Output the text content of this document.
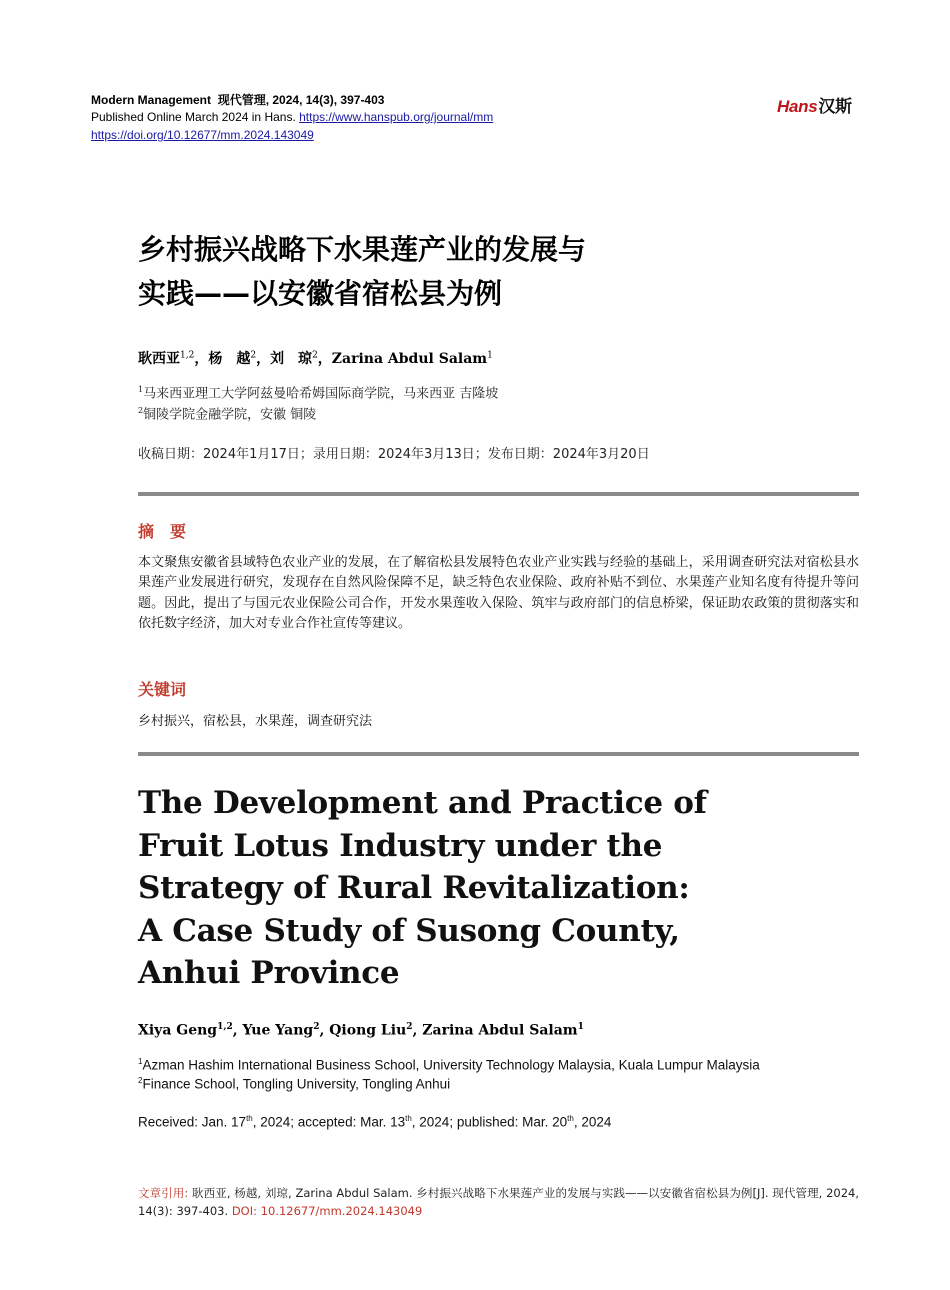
Modern Management 现代管理, 2024, 14(3), 397-403
Published Online March 2024 in Hans. https://www.hanspub.org/journal/mm
https://doi.org/10.12677/mm.2024.143049
Hans汉斯
乡村振兴战略下水果莲产业的发展与
实践——以安徽省宿松县为例
耿西亚$^{1,2}$，杨　越$^2$，刘　琼$^2$，Zarina Abdul Salam$^1$
$^1$马来西亚理工大学阿兹曼哈希姆国际商学院，马来西亚 吉隆坡
$^2$铜陵学院金融学院，安徽 铜陵
收稿日期：2024年1月17日；录用日期：2024年3月13日；发布日期：2024年3月20日
摘　要
本文聚焦安徽省县域特色农业产业的发展，在了解宿松县发展特色农业产业实践与经验的基础上，采用调查研究法对宿松县水果莲产业发展进行研究，发现存在自然风险保障不足，缺乏特色农业保险、政府补贴不到位、水果莲产业知名度有待提升等问题。因此，提出了与国元农业保险公司合作，开发水果莲收入保险、筑牢与政府部门的信息桥梁，保证助农政策的贯彻落实和依托数字经济，加大对专业合作社宣传等建议。
关键词
乡村振兴，宿松县，水果莲，调查研究法
The Development and Practice of
Fruit Lotus Industry under the
Strategy of Rural Revitalization:
A Case Study of Susong County,
Anhui Province
Xiya Geng$^{1,2}$, Yue Yang$^2$, Qiong Liu$^2$, Zarina Abdul Salam$^1$
$^1$Azman Hashim International Business School, University Technology Malaysia, Kuala Lumpur Malaysia
$^2$Finance School, Tongling University, Tongling Anhui
Received: Jan. 17th, 2024; accepted: Mar. 13th, 2024; published: Mar. 20th, 2024
文章引用: 耿西亚, 杨越, 刘琼, Zarina Abdul Salam. 乡村振兴战略下水果莲产业的发展与实践——以安徽省宿松县为例[J]. 现代管理, 2024, 14(3): 397-403. DOI: 10.12677/mm.2024.143049
